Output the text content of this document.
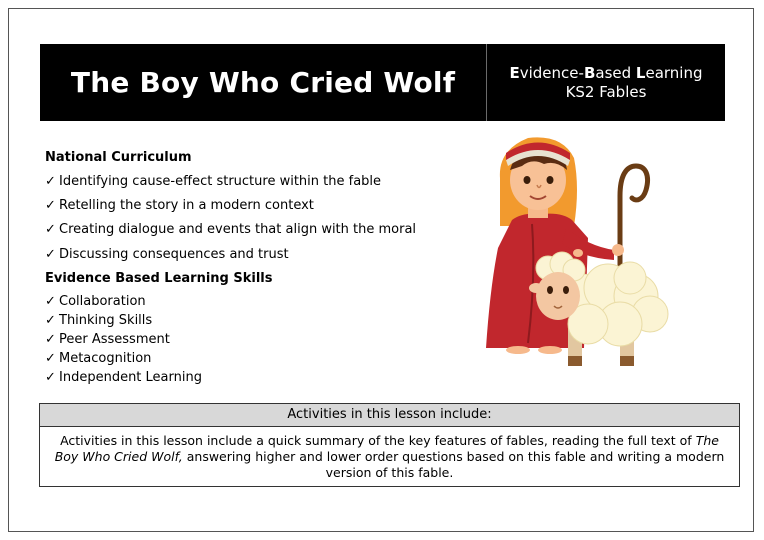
The Boy Who Cried Wolf	Evidence-Based Learning
KS2 Fables
National Curriculum
✓ Identifying cause-effect structure within the fable
✓ Retelling the story in a modern context
✓ Creating dialogue and events that align with the moral
✓ Discussing consequences and trust
Evidence Based Learning Skills
✓ Collaboration
✓ Thinking Skills
✓ Peer Assessment
✓ Metacognition
✓ Independent Learning
Activities in this lesson include:
Activities in this lesson include a quick summary of the key features of fables, reading the full text of The Boy Who Cried Wolf, answering higher and lower order questions based on this fable and writing a modern version of this fable.
